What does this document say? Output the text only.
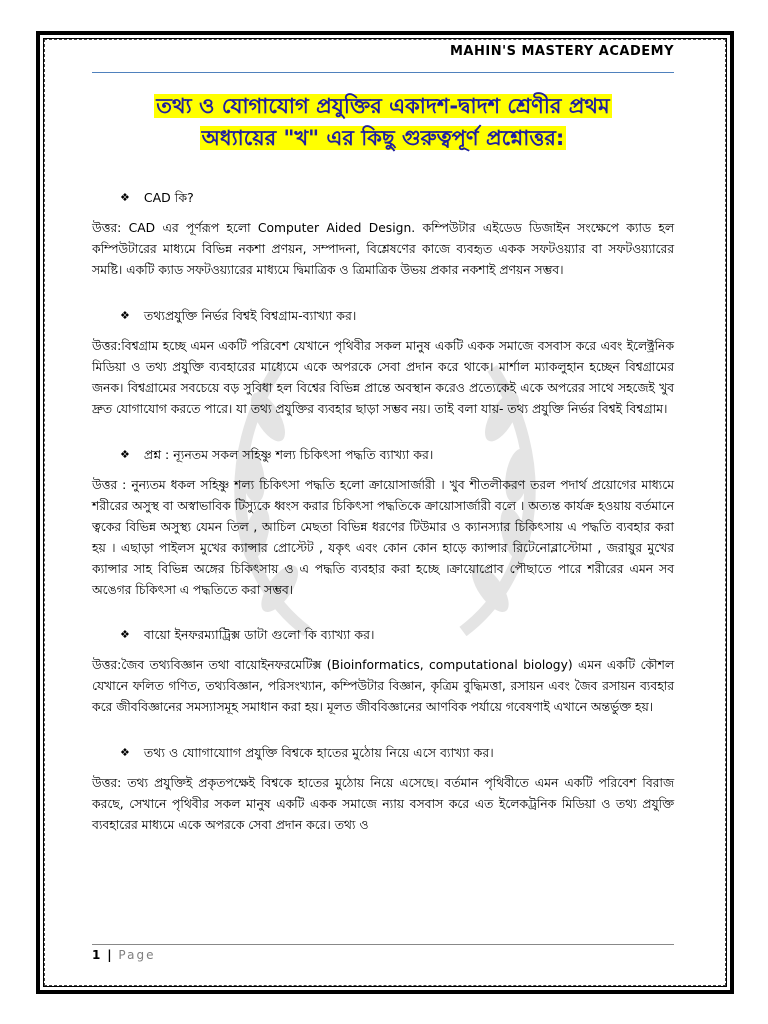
MAHIN'S MASTERY ACADEMY
তথ্য ও যোগাযোগ প্রযুক্তির একাদশ-দ্বাদশ শ্রেণীর প্রথম
অধ্যায়ের "খ" এর কিছু গুরুত্বপূর্ণ প্রশ্নোত্তর:
❖ CAD কি?
উত্তর: CAD এর পূর্ণরূপ হলো Computer Aided Design. কম্পিউটার এইডেড ডিজাইন সংক্ষেপে ক্যাড হল কম্পিউটারের মাধ্যমে বিভিন্ন নকশা প্রণয়ন, সম্পাদনা, বিশ্লেষণের কাজে ব্যবহৃত একক সফটওয়্যার বা সফটওয়্যারের সমষ্টি। একটি ক্যাড সফটওয়্যারের মাধ্যমে দ্বিমাত্রিক ও ত্রিমাত্রিক উভয় প্রকার নকশাই প্রণয়ন সম্ভব।
❖ তথ্যপ্রযুক্তি নির্ভর বিশ্বই বিশ্বগ্রাম-ব্যাখ্যা কর।
উত্তর:বিশ্বগ্রাম হচ্ছে এমন একটি পরিবেশ যেখানে পৃথিবীর সকল মানুষ একটি একক সমাজে বসবাস করে এবং ইলেক্ট্রনিক মিডিয়া ও তথ্য প্রযুক্তি ব্যবহারের মাধ্যেমে একে অপরকে সেবা প্রদান করে থাকে। মার্শাল ম্যাকলুহান হচ্ছেন বিশ্বগ্রামের জনক। বিশ্বগ্রামের সবচেয়ে বড় সুবিধা হল বিশ্বের বিভিন্ন প্রান্তে অবস্থান করেও প্রত্যেকেই একে অপরের সাথে সহজেই খুব দ্রুত যোগাযোগ করতে পারে। যা তথ্য প্রযুক্তির ব্যবহার ছাড়া সম্ভব নয়। তাই বলা যায়- তথ্য প্রযুক্তি নির্ভর বিশ্বই বিশ্বগ্রাম।
❖ প্রশ্ন : ন্যূনতম সকল সহিষ্ণু শল্য চিকিৎসা পদ্ধতি ব্যাখ্যা কর।
উত্তর : নুন্যতম ধকল সহিষ্ণু শল্য চিকিৎসা পদ্ধতি হলো ক্রায়োসার্জারী । খুব শীতলীকরণ তরল পদার্থ প্রয়োগের মাধ্যমে শরীরের অসুস্থ বা অস্বাভাবিক টিস্যুকে ধ্বংস করার চিকিৎসা পদ্ধতিকে ক্রায়োসার্জারী বলে । অত্যন্ত কার্যক্র হওয়ায় বর্তমানে ত্বকের বিভিন্ন অসুস্থ্য যেমন তিল , আচিল মেছতা বিভিন্ন ধরণের টিউমার ও ক্যানস্যার চিকিৎসায় এ পদ্ধতি ব্যবহার করা হয় । এছাড়া পাইলস মুখের ক্যান্সার প্রোস্টেট , যকৃৎ এবং কোন কোন হাড়ে ক্যান্সার রিটেনোব্লাস্টোমা , জরায়ুর মুখের ক্যান্সার সাহ বিভিন্ন অঙ্গের চিকিৎসায় ও এ পদ্ধতি ব্যবহার করা হচ্ছে ।ক্রায়োপ্রোব পৌছাতে পারে শরীরের এমন সব অঙেগর চিকিৎসা এ পদ্ধতিতে করা সম্ভব।
❖ বায়ো ইনফরম্যাট্রিক্স ডাটা গুলো কি ব্যাখ্যা কর।
উত্তর:জৈব তথ্যবিজ্ঞান তথা বায়োইনফরমেটিক্স (Bioinformatics, computational biology) এমন একটি কৌশল যেখানে ফলিত গণিত, তথ্যবিজ্ঞান, পরিসংখ্যান, কম্পিউটার বিজ্ঞান, কৃত্রিম বুদ্ধিমত্তা, রসায়ন এবং জৈব রসায়ন ব্যবহার করে জীববিজ্ঞানের সমস্যাসমূহ সমাধান করা হয়। মূলত জীববিজ্ঞানের আণবিক পর্যায়ে গবেষণাই এখানে অন্তর্ভুক্ত হয়।
❖ তথ্য ও যাোগাযাোগ প্রযুক্তি বিশ্বকে হাতের মুঠোয় নিয়ে এসে ব্যাখ্যা কর।
উত্তর: তথ্য প্রযুক্তিই প্রকৃতপক্ষেই বিশ্বকে হাতের মুঠোয় নিয়ে এসেছে। বর্তমান পৃথিবীতে এমন একটি পরিবেশ বিরাজ করছে, সেখানে পৃথিবীর সকল মানুষ একটি একক সমাজে ন্যায় বসবাস করে এত ইলেকট্রনিক মিডিয়া ও তথ্য প্রযুক্তি ব্যবহারের মাধ্যমে একে অপরকে সেবা প্রদান করে। তথ্য ও
1 | Page
